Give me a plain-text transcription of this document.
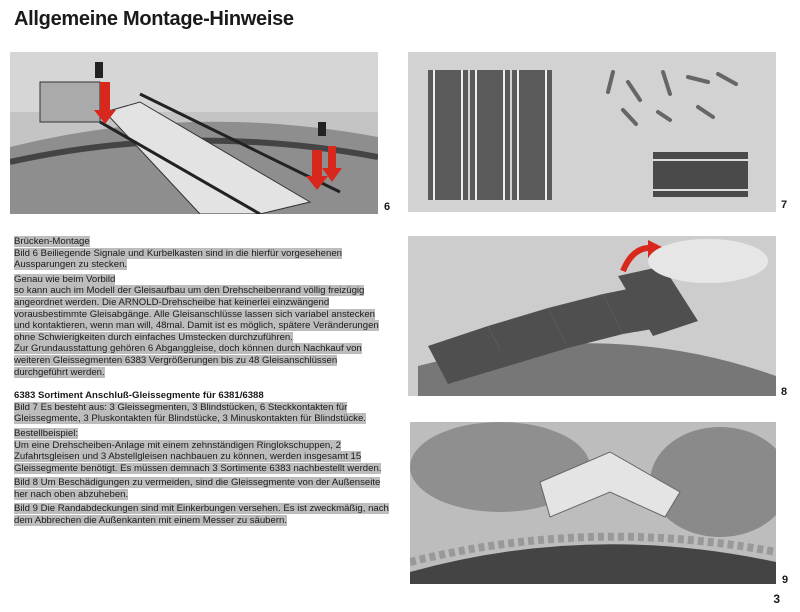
Allgemeine Montage-Hinweise
6	7
8
9

Brücken-Montage

Bild 6 Beiliegende Signale und Kurbelkasten sind in die hierfür vorgesehenen Aussparungen zu stecken.

Genau wie beim Vorbild

so kann auch im Modell der Gleisaufbau um den Drehscheibenrand völlig freizügig angeordnet werden. Die ARNOLD-Drehscheibe hat keinerlei einzwängend vorausbestimmte Gleisabgänge. Alle Gleisanschlüsse lassen sich variabel anstecken und kontaktieren, wenn man will, 48mal. Damit ist es möglich, spätere Veränderungen ohne Schwierigkeiten durch einfaches Umstecken durchzuführen.

Zur Grundausstattung gehören 6 Abganggleise, doch können durch Nachkauf von weiteren Gleissegmenten 6383 Vergrößerungen bis zu 48 Gleisanschlüssen durchgeführt werden.

6383 Sortiment Anschluß-Gleissegmente für 6381/6388

Bild 7 Es besteht aus: 3 Gleissegmenten, 3 Blindstücken, 6 Steckkontakten für Gleissegmente, 3 Pluskontakten für Blindstücke, 3 Minuskontakten für Blindstücke.

Bestellbeispiel:

Um eine Drehscheiben-Anlage mit einem zehnständigen Ringlokschuppen, 2 Zufahrtsgleisen und 3 Abstellgleisen nachbauen zu können, werden insgesamt 15 Gleissegmente benötigt. Es müssen demnach 3 Sortimente 6383 nachbestellt werden.

Bild 8 Um Beschädigungen zu vermeiden, sind die Gleissegmente von der Außenseite her nach oben abzuheben.

Bild 9 Die Randabdeckungen sind mit Einkerbungen versehen. Es ist zweckmäßig, nach dem Abbrechen die Außenkanten mit einem Messer zu säubern.

3
